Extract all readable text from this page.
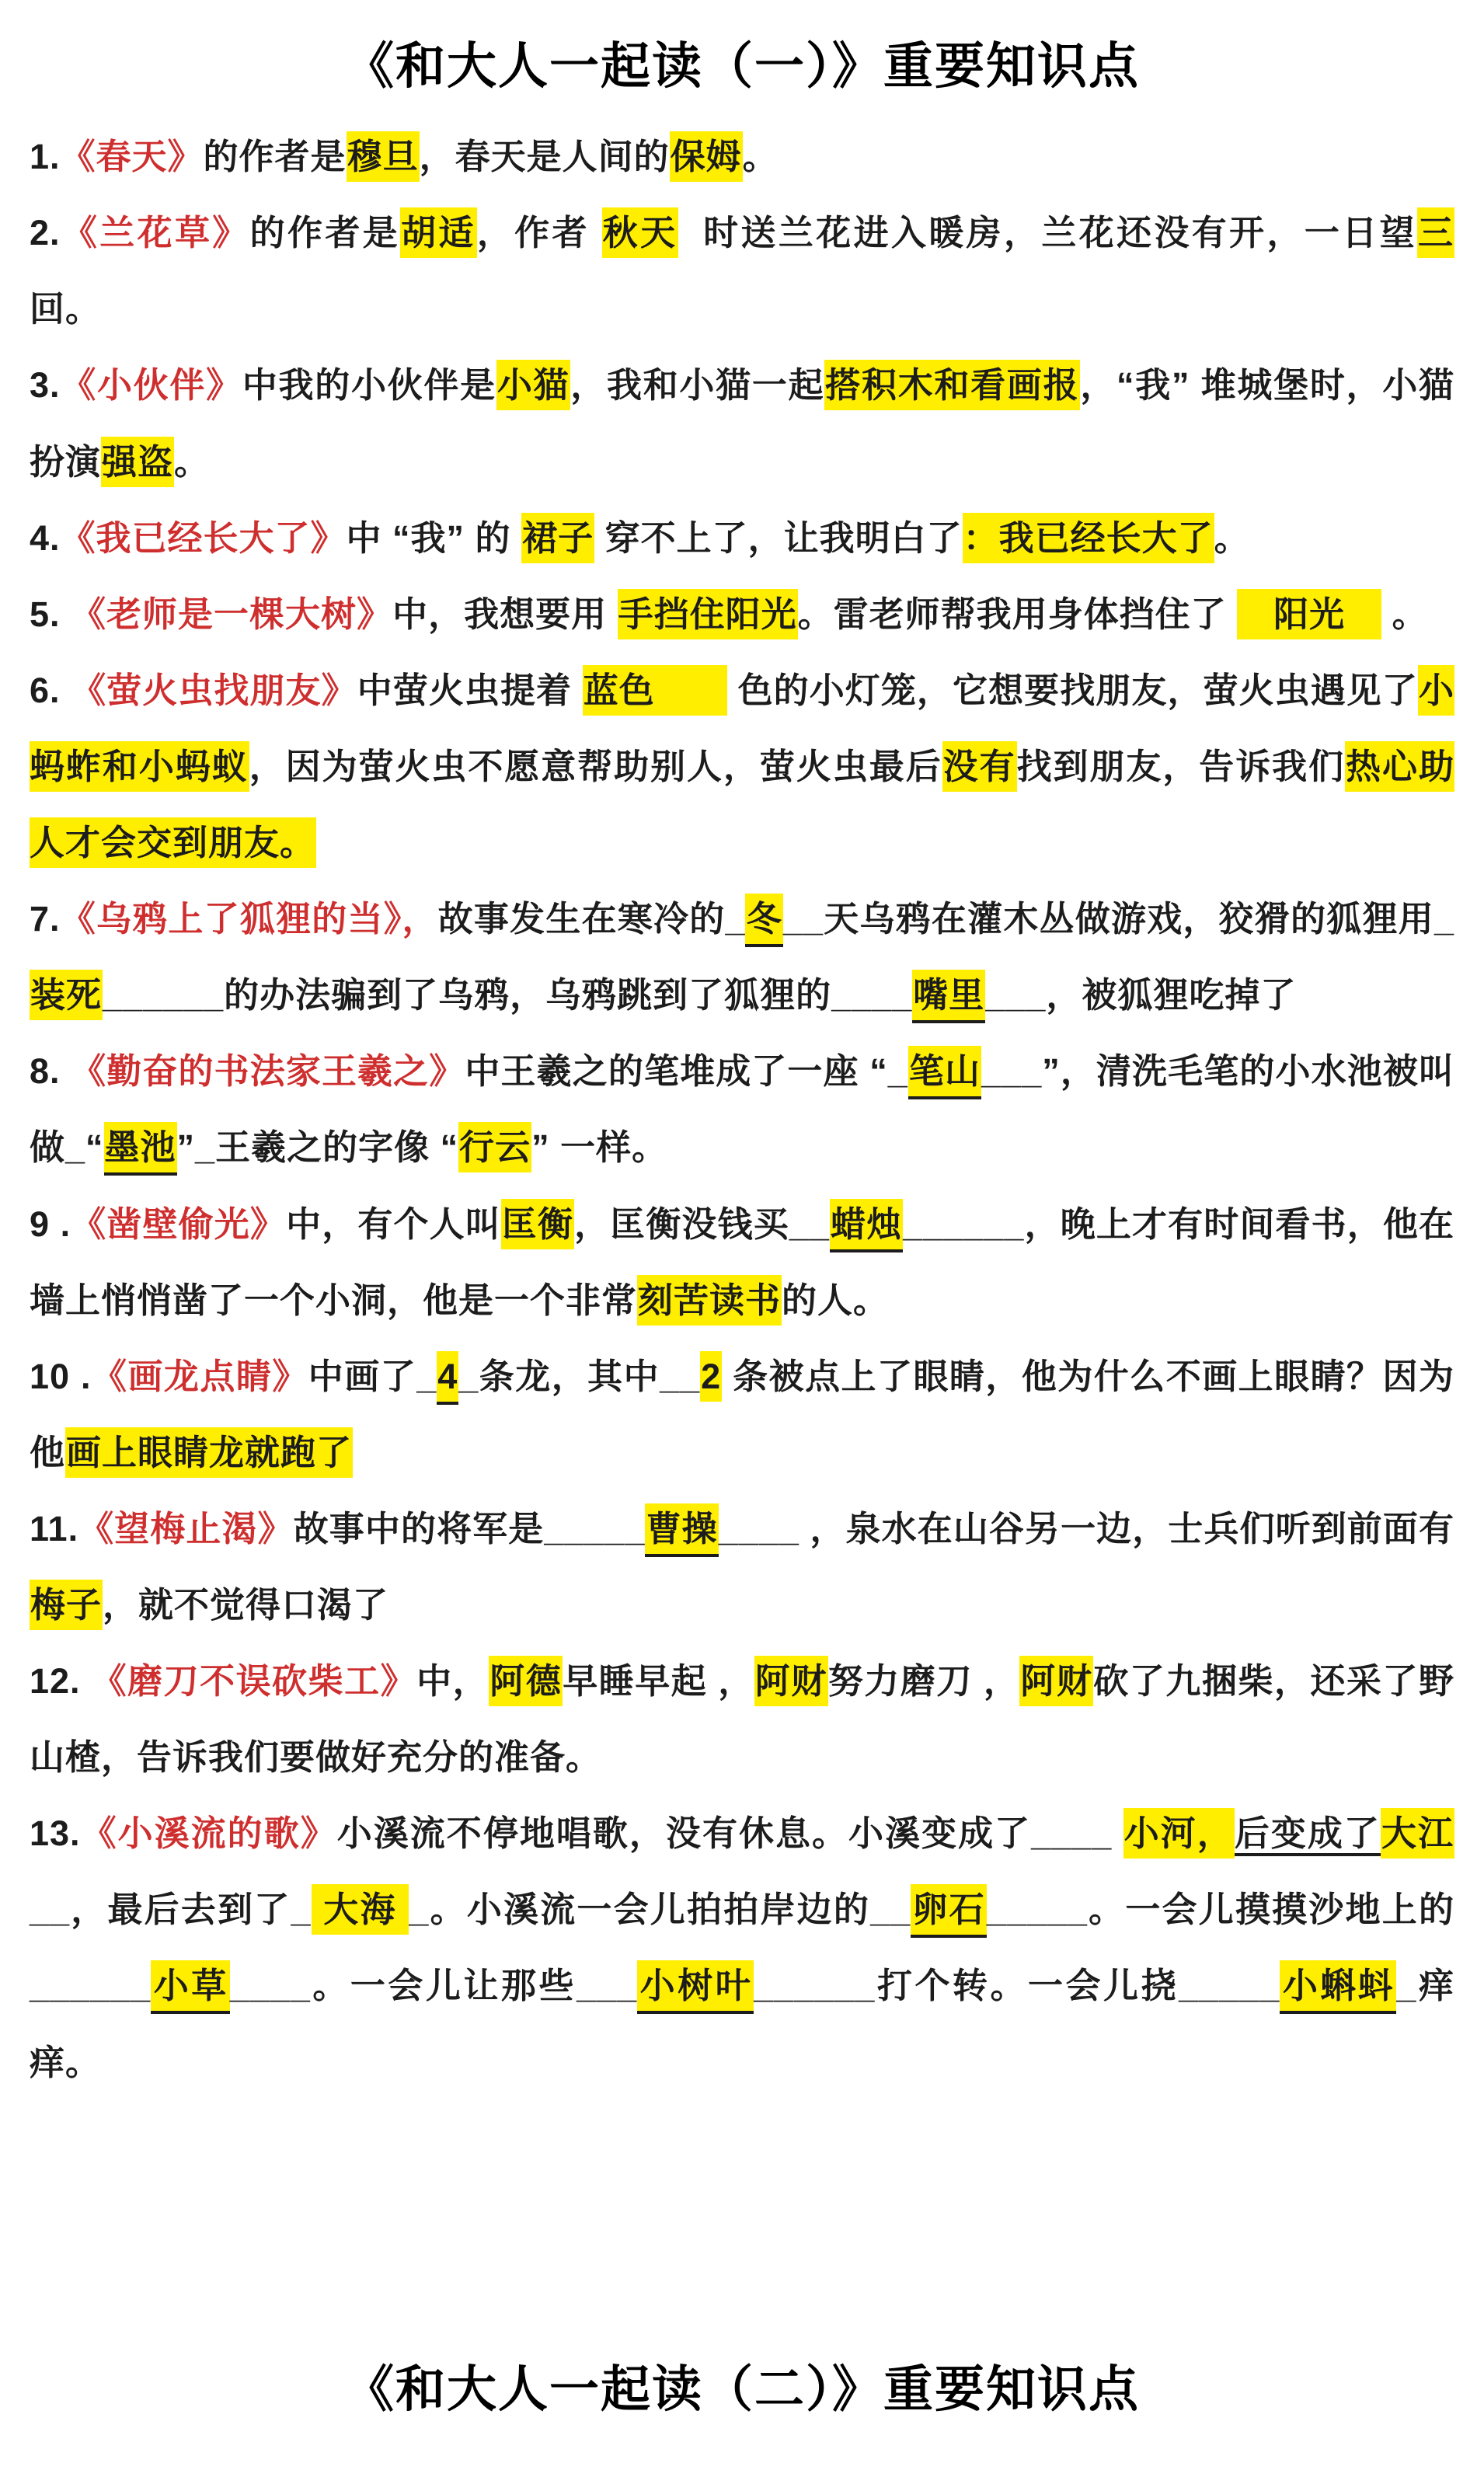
《和大人一起读（一）》重要知识点
1.《春天》的作者是穆旦，春天是人间的保姆。
2.《兰花草》的作者是胡适，作者 秋天  时送兰花进入暖房，兰花还没有开，一日望三回。
3.《小伙伴》中我的小伙伴是小猫，我和小猫一起搭积木和看画报，“我” 堆城堡时，小猫扮演强盗。
4.《我已经长大了》中 “我” 的 裙子 穿不上了，让我明白了：我已经长大了。
5. 《老师是一棵大树》中，我想要用 手挡住阳光。雷老师帮我用身体挡住了 　阳光　 。
6. 《萤火虫找朋友》中萤火虫提着 蓝色　　 色的小灯笼，它想要找朋友，萤火虫遇见了小蚂蚱和小蚂蚁，因为萤火虫不愿意帮助别人，萤火虫最后没有找到朋友，告诉我们热心助人才会交到朋友。
7.《乌鸦上了狐狸的当》，故事发生在寒冷的_冬__天乌鸦在灌木丛做游戏，狡猾的狐狸用_装死______的办法骗到了乌鸦，乌鸦跳到了狐狸的____嘴里___，被狐狸吃掉了
8. 《勤奋的书法家王羲之》中王羲之的笔堆成了一座 “_笔山___”，清洗毛笔的小水池被叫做_“墨池”_王羲之的字像 “行云” 一样。
9 .《凿壁偷光》中，有个人叫匡衡，匡衡没钱买__蜡烛______，晚上才有时间看书，他在墙上悄悄凿了一个小洞，他是一个非常刻苦读书的人。
10 .《画龙点睛》中画了_4_条龙，其中__2 条被点上了眼睛，他为什么不画上眼睛？因为他画上眼睛龙就跑了
11.《望梅止渴》故事中的将军是_____曹操____ ，泉水在山谷另一边，士兵们听到前面有梅子，就不觉得口渴了
12. 《磨刀不误砍柴工》中，阿德早睡早起 ，阿财努力磨刀 ，阿财砍了九捆柴，还采了野山楂，告诉我们要做好充分的准备。
13.《小溪流的歌》小溪流不停地唱歌，没有休息。小溪变成了____ 小河，后变成了大江__，最后去到了_ 大海 _。小溪流一会儿拍拍岸边的__卵石_____。一会儿摸摸沙地上的______小草____。一会儿让那些___小树叶______打个转。一会儿挠_____小蝌蚪_痒痒。
《和大人一起读（二）》重要知识点
